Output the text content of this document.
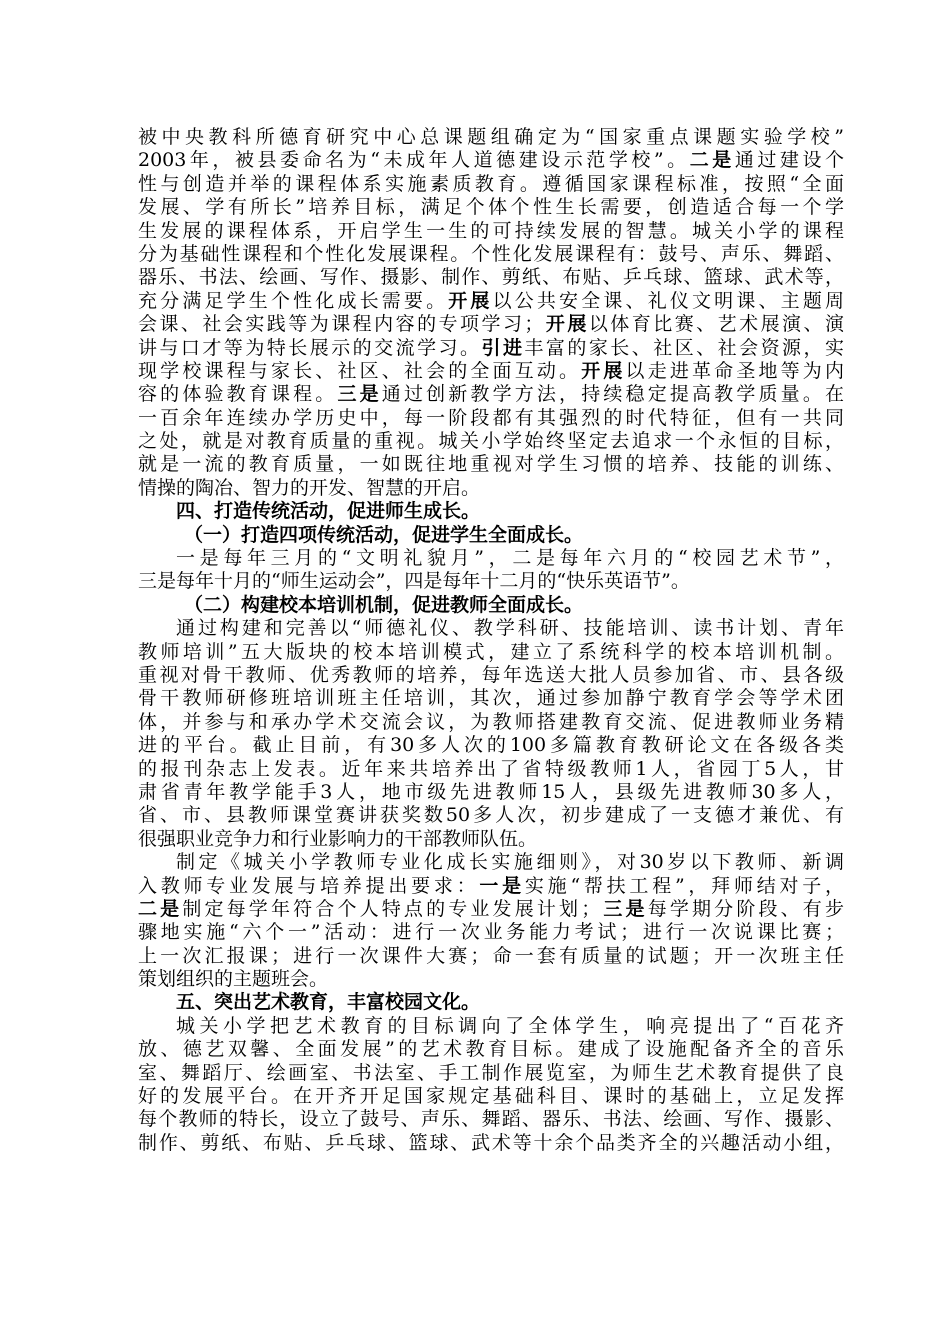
被中央教科所德育研究中心总课题组确定为“国家重点课题实验学校”
2003年，被县委命名为“未成年人道德建设示范学校”。二是通过建设个
性与创造并举的课程体系实施素质教育。遵循国家课程标准，按照“全面
发展、学有所长”培养目标，满足个体个性生长需要，创造适合每一个学
生发展的课程体系，开启学生一生的可持续发展的智慧。城关小学的课程
分为基础性课程和个性化发展课程。个性化发展课程有：鼓号、声乐、舞蹈、
器乐、书法、绘画、写作、摄影、制作、剪纸、布贴、乒乓球、篮球、武术等，
充分满足学生个性化成长需要。开展以公共安全课、礼仪文明课、主题周
会课、社会实践等为课程内容的专项学习；开展以体育比赛、艺术展演、演
讲与口才等为特长展示的交流学习。引进丰富的家长、社区、社会资源，实
现学校课程与家长、社区、社会的全面互动。开展以走进革命圣地等为内
容的体验教育课程。三是通过创新教学方法，持续稳定提高教学质量。在
一百余年连续办学历史中，每一阶段都有其强烈的时代特征，但有一共同
之处，就是对教育质量的重视。城关小学始终坚定去追求一个永恒的目标，
就是一流的教育质量，一如既往地重视对学生习惯的培养、技能的训练、
情操的陶冶、智力的开发、智慧的开启。
四、打造传统活动，促进师生成长。
（一）打造四项传统活动，促进学生全面成长。
一是每年三月的“文明礼貌月”，二是每年六月的“校园艺术节”，
三是每年十月的“师生运动会”，四是每年十二月的“快乐英语节”。
（二）构建校本培训机制，促进教师全面成长。
通过构建和完善以“师德礼仪、教学科研、技能培训、读书计划、青年
教师培训”五大版块的校本培训模式，建立了系统科学的校本培训机制。
重视对骨干教师、优秀教师的培养，每年选送大批人员参加省、市、县各级
骨干教师研修班培训班主任培训，其次，通过参加静宁教育学会等学术团
体，并参与和承办学术交流会议，为教师搭建教育交流、促进教师业务精
进的平台。截止目前，有30多人次的100多篇教育教研论文在各级各类
的报刊杂志上发表。近年来共培养出了省特级教师1人，省园丁5人，甘
肃省青年教学能手3人，地市级先进教师15人，县级先进教师30多人，
省、市、县教师课堂赛讲获奖数50多人次，初步建成了一支德才兼优、有
很强职业竞争力和行业影响力的干部教师队伍。
制定《城关小学教师专业化成长实施细则》，对30岁以下教师、新调
入教师专业发展与培养提出要求：一是实施“帮扶工程”，拜师结对子，
二是制定每学年符合个人特点的专业发展计划；三是每学期分阶段、有步
骤地实施“六个一”活动：进行一次业务能力考试；进行一次说课比赛；
上一次汇报课；进行一次课件大赛；命一套有质量的试题；开一次班主任
策划组织的主题班会。
五、突出艺术教育，丰富校园文化。
城关小学把艺术教育的目标调向了全体学生，响亮提出了“百花齐
放、德艺双馨、全面发展”的艺术教育目标。建成了设施配备齐全的音乐
室、舞蹈厅、绘画室、书法室、手工制作展览室，为师生艺术教育提供了良
好的发展平台。在开齐开足国家规定基础科目、课时的基础上，立足发挥
每个教师的特长，设立了鼓号、声乐、舞蹈、器乐、书法、绘画、写作、摄影、
制作、剪纸、布贴、乒乓球、篮球、武术等十余个品类齐全的兴趣活动小组，
